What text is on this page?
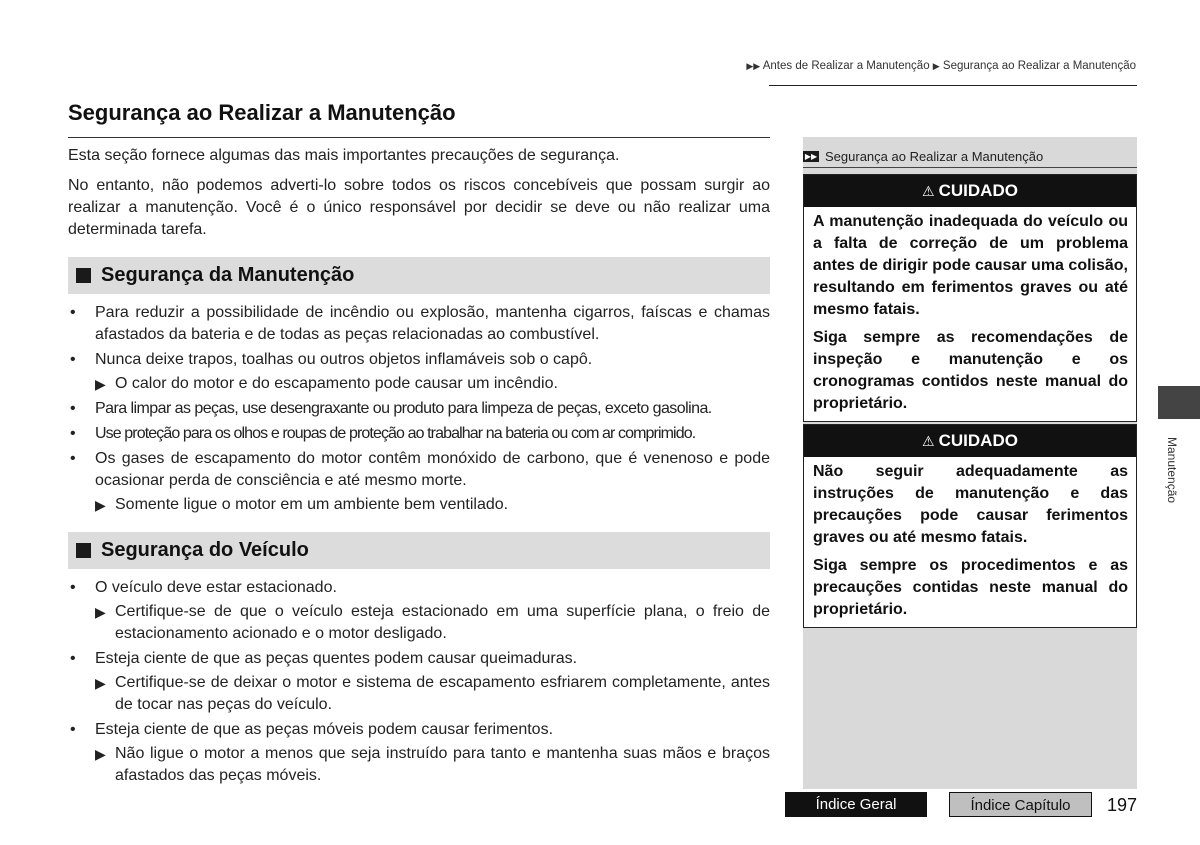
▶▶ Antes de Realizar a Manutenção ▶ Segurança ao Realizar a Manutenção
Segurança ao Realizar a Manutenção

Esta seção fornece algumas das mais importantes precauções de segurança.

No entanto, não podemos adverti-lo sobre todos os riscos concebíveis que possam surgir ao realizar a manutenção. Você é o único responsável por decidir se deve ou não realizar uma determinada tarefa.

Segurança da Manutenção
• Para reduzir a possibilidade de incêndio ou explosão, mantenha cigarros, faíscas e chamas afastados da bateria e de todas as peças relacionadas ao combustível.
• Nunca deixe trapos, toalhas ou outros objetos inflamáveis sob o capô.
▶ O calor do motor e do escapamento pode causar um incêndio.
• Para limpar as peças, use desengraxante ou produto para limpeza de peças, exceto gasolina.
• Use proteção para os olhos e roupas de proteção ao trabalhar na bateria ou com ar comprimido.
• Os gases de escapamento do motor contêm monóxido de carbono, que é venenoso e pode ocasionar perda de consciência e até mesmo morte.
▶ Somente ligue o motor em um ambiente bem ventilado.
Segurança do Veículo
• O veículo deve estar estacionado.
▶ Certifique-se de que o veículo esteja estacionado em uma superfície plana, o freio de estacionamento acionado e o motor desligado.
• Esteja ciente de que as peças quentes podem causar queimaduras.
▶ Certifique-se de deixar o motor e sistema de escapamento esfriarem completamente, antes de tocar nas peças do veículo.
• Esteja ciente de que as peças móveis podem causar ferimentos.
▶ Não ligue o motor a menos que seja instruído para tanto e mantenha suas mãos e braços afastados das peças móveis.
▶▶ Segurança ao Realizar a Manutenção
⚠ CUIDADO

A manutenção inadequada do veículo ou a falta de correção de um problema antes de dirigir pode causar uma colisão, resultando em ferimentos graves ou até mesmo fatais.

Siga sempre as recomendações de inspeção e manutenção e os cronogramas contidos neste manual do proprietário.

⚠ CUIDADO

Não seguir adequadamente as instruções de manutenção e das precauções pode causar ferimentos graves ou até mesmo fatais.

Siga sempre os procedimentos e as precauções contidas neste manual do proprietário.

Manutenção
Índice Geral	Índice Capítulo	197
